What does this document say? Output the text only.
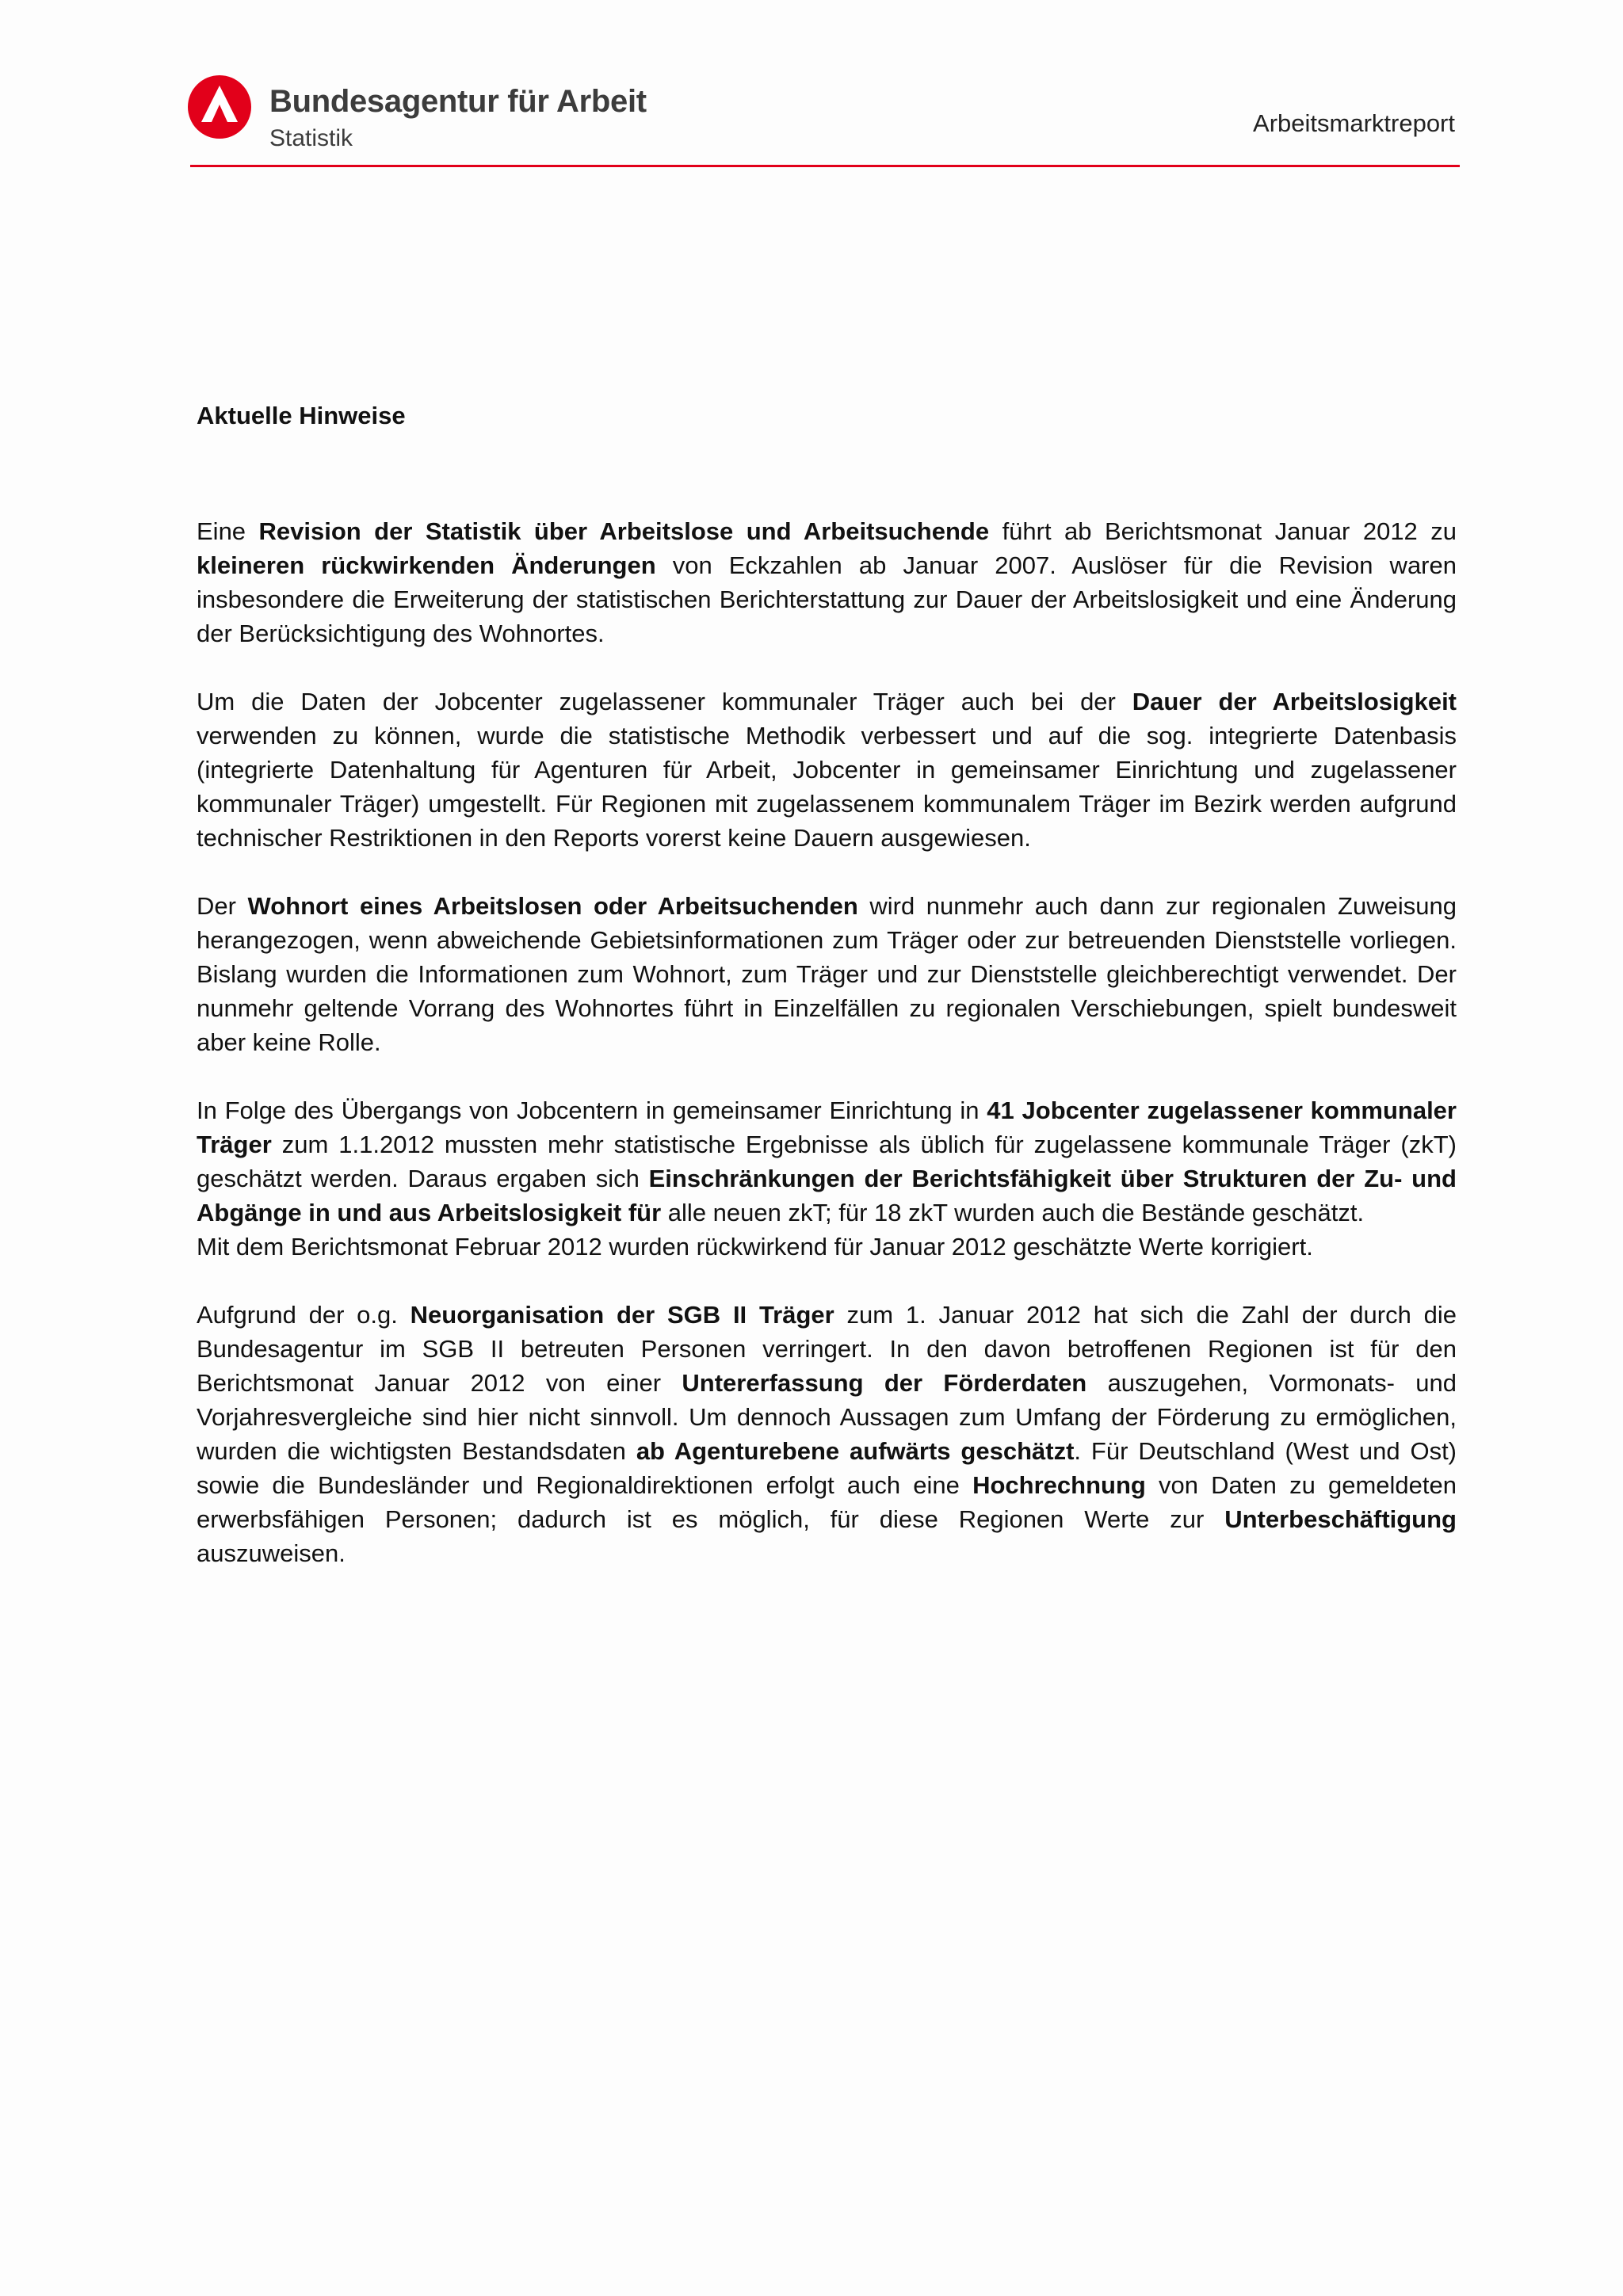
Bundesagentur für Arbeit
Statistik
Arbeitsmarktreport
Aktuelle Hinweise

Eine Revision der Statistik über Arbeitslose und Arbeitsuchende führt ab Berichtsmonat Januar 2012 zu kleineren rückwirkenden Änderungen von Eckzahlen ab Januar 2007. Auslöser für die Revision waren insbesondere die Erweiterung der statistischen Berichterstattung zur Dauer der Arbeitslosigkeit und eine Änderung der Berücksichtigung des Wohnortes.

Um die Daten der Jobcenter zugelassener kommunaler Träger auch bei der Dauer der Arbeitslosigkeit verwenden zu können, wurde die statistische Methodik verbessert und auf die sog. integrierte Datenbasis (integrierte Datenhaltung für Agenturen für Arbeit, Jobcenter in gemeinsamer Einrichtung und zugelassener kommunaler Träger) umgestellt. Für Regionen mit zugelassenem kommunalem Träger im Bezirk werden aufgrund technischer Restriktionen in den Reports vorerst keine Dauern ausgewiesen.

Der Wohnort eines Arbeitslosen oder Arbeitsuchenden wird nunmehr auch dann zur regionalen Zuweisung herangezogen, wenn abweichende Gebietsinformationen zum Träger oder zur betreuenden Dienststelle vorliegen. Bislang wurden die Informationen zum Wohnort, zum Träger und zur Dienststelle gleichberechtigt verwendet. Der nunmehr geltende Vorrang des Wohnortes führt in Einzelfällen zu regionalen Verschiebungen, spielt bundesweit aber keine Rolle.

In Folge des Übergangs von Jobcentern in gemeinsamer Einrichtung in 41 Jobcenter zugelassener kommunaler Träger zum 1.1.2012 mussten mehr statistische Ergebnisse als üblich für zugelassene kommunale Träger (zkT) geschätzt werden. Daraus ergaben sich Einschränkungen der Berichtsfähigkeit über Strukturen der Zu- und Abgänge in und aus Arbeitslosigkeit für alle neuen zkT; für 18 zkT wurden auch die Bestände geschätzt.
Mit dem Berichtsmonat Februar 2012 wurden rückwirkend für Januar 2012 geschätzte Werte korrigiert.

Aufgrund der o.g. Neuorganisation der SGB II Träger zum 1. Januar 2012 hat sich die Zahl der durch die Bundesagentur im SGB II betreuten Personen verringert. In den davon betroffenen Regionen ist für den Berichtsmonat Januar 2012 von einer Untererfassung der Förderdaten auszugehen, Vormonats- und Vorjahresvergleiche sind hier nicht sinnvoll. Um dennoch Aussagen zum Umfang der Förderung zu ermöglichen, wurden die wichtigsten Bestandsdaten ab Agenturebene aufwärts geschätzt. Für Deutschland (West und Ost) sowie die Bundesländer und Regionaldirektionen erfolgt auch eine Hochrechnung von Daten zu gemeldeten erwerbsfähigen Personen; dadurch ist es möglich, für diese Regionen Werte zur Unterbeschäftigung auszuweisen.
